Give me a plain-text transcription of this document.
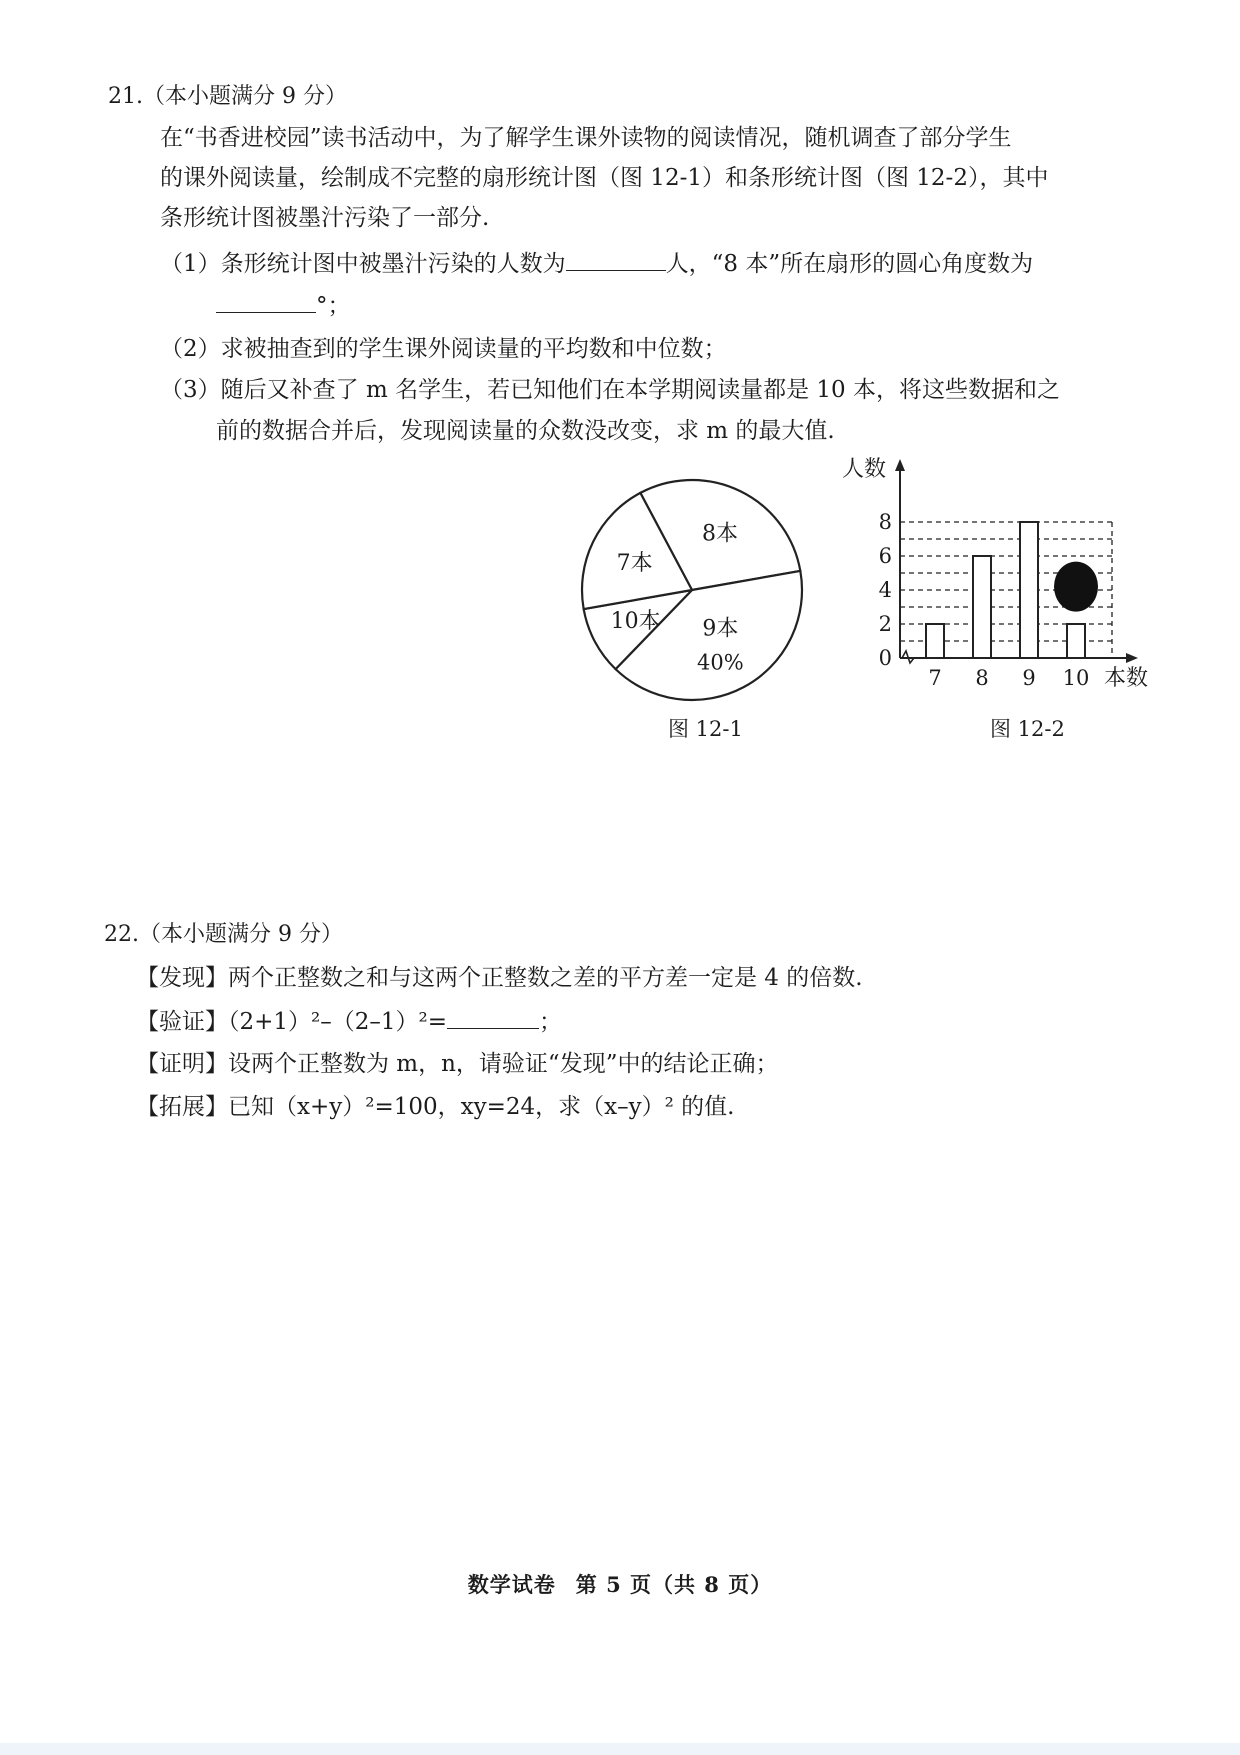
21.（本小题满分 9 分）
在“书香进校园”读书活动中，为了解学生课外读物的阅读情况，随机调查了部分学生
的课外阅读量，绘制成不完整的扇形统计图（图 12-1）和条形统计图（图 12-2），其中
条形统计图被墨汁污染了一部分.
（1）条形统计图中被墨汁污染的人数为	人，“8 本”所在扇形的圆心角度数为
°；
（2）求被抽查到的学生课外阅读量的平均数和中位数；
（3）随后又补查了 m 名学生，若已知他们在本学期阅读量都是 10 本，将这些数据和之
前的数据合并后，发现阅读量的众数没改变，求 m 的最大值.
8本
9本
40%
10本
7本
图 12-1
0
2
4
6
8
7 8 9 10
人数
本数
图 12-2
22.（本小题满分 9 分）
【发现】两个正整数之和与这两个正整数之差的平方差一定是 4 的倍数.
【验证】（2+1）²–（2–1）²=	；
【证明】设两个正整数为 m，n，请验证“发现”中的结论正确；
【拓展】已知（x+y）²=100，xy=24，求（x–y）² 的值.
数学试卷 第 5 页（共 8 页）
